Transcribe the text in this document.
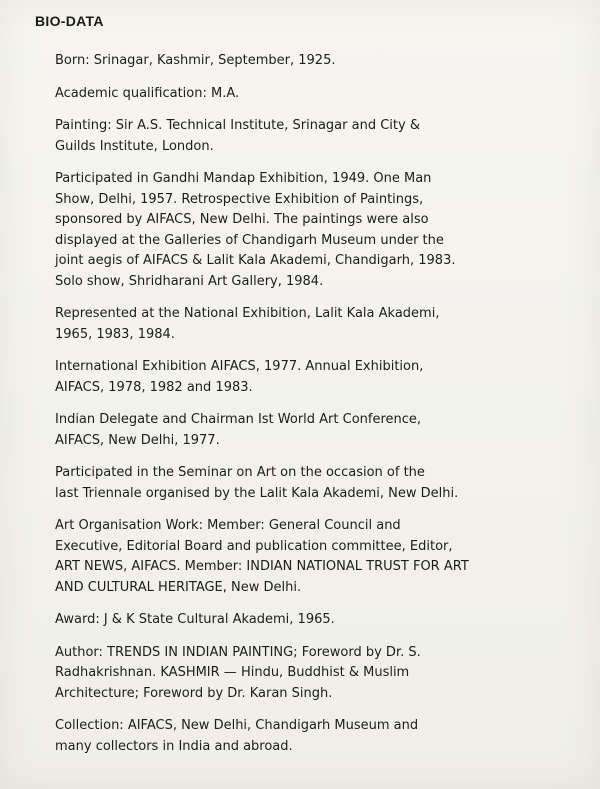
BIO-DATA

Born: Srinagar, Kashmir, September, 1925.

Academic qualification: M.A.

Painting: Sir A.S. Technical Institute, Srinagar and City &
Guilds Institute, London.

Participated in Gandhi Mandap Exhibition, 1949. One Man
Show, Delhi, 1957. Retrospective Exhibition of Paintings,
sponsored by AIFACS, New Delhi. The paintings were also
displayed at the Galleries of Chandigarh Museum under the
joint aegis of AIFACS & Lalit Kala Akademi, Chandigarh, 1983.
Solo show, Shridharani Art Gallery, 1984.

Represented at the National Exhibition, Lalit Kala Akademi,
1965, 1983, 1984.

International Exhibition AIFACS, 1977. Annual Exhibition,
AIFACS, 1978, 1982 and 1983.

Indian Delegate and Chairman Ist World Art Conference,
AIFACS, New Delhi, 1977.

Participated in the Seminar on Art on the occasion of the
last Triennale organised by the Lalit Kala Akademi, New Delhi.

Art Organisation Work: Member: General Council and
Executive, Editorial Board and publication committee, Editor,
ART NEWS, AIFACS. Member: INDIAN NATIONAL TRUST FOR ART
AND CULTURAL HERITAGE, New Delhi.

Award: J & K State Cultural Akademi, 1965.

Author: TRENDS IN INDIAN PAINTING; Foreword by Dr. S.
Radhakrishnan. KASHMIR — Hindu, Buddhist & Muslim
Architecture; Foreword by Dr. Karan Singh.

Collection: AIFACS, New Delhi, Chandigarh Museum and
many collectors in India and abroad.
